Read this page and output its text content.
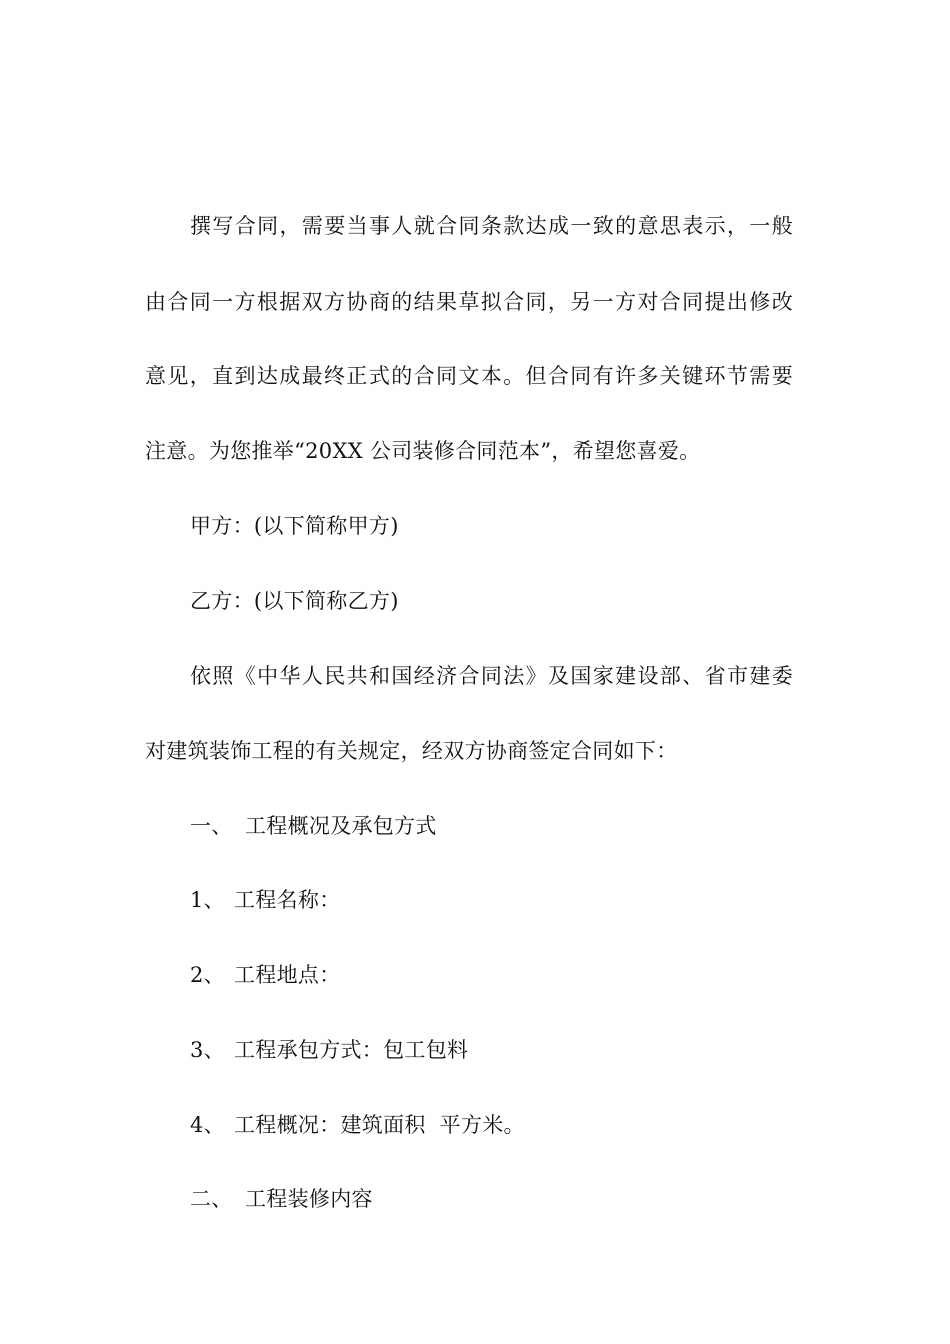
撰写合同，需要当事人就合同条款达成一致的意思表示，一般
由合同一方根据双方协商的结果草拟合同，另一方对合同提出修改
意见，直到达成最终正式的合同文本。但合同有许多关键环节需要
注意。为您推举“20XX 公司装修合同范本”，希望您喜爱。
甲方：(以下简称甲方)
乙方：(以下简称乙方)
依照《中华人民共和国经济合同法》及国家建设部、省市建委
对建筑装饰工程的有关规定，经双方协商签定合同如下：
一、 工程概况及承包方式
1、 工程名称：
2、 工程地点：
3、 工程承包方式：包工包料
4、 工程概况：建筑面积  平方米。
二、 工程装修内容
